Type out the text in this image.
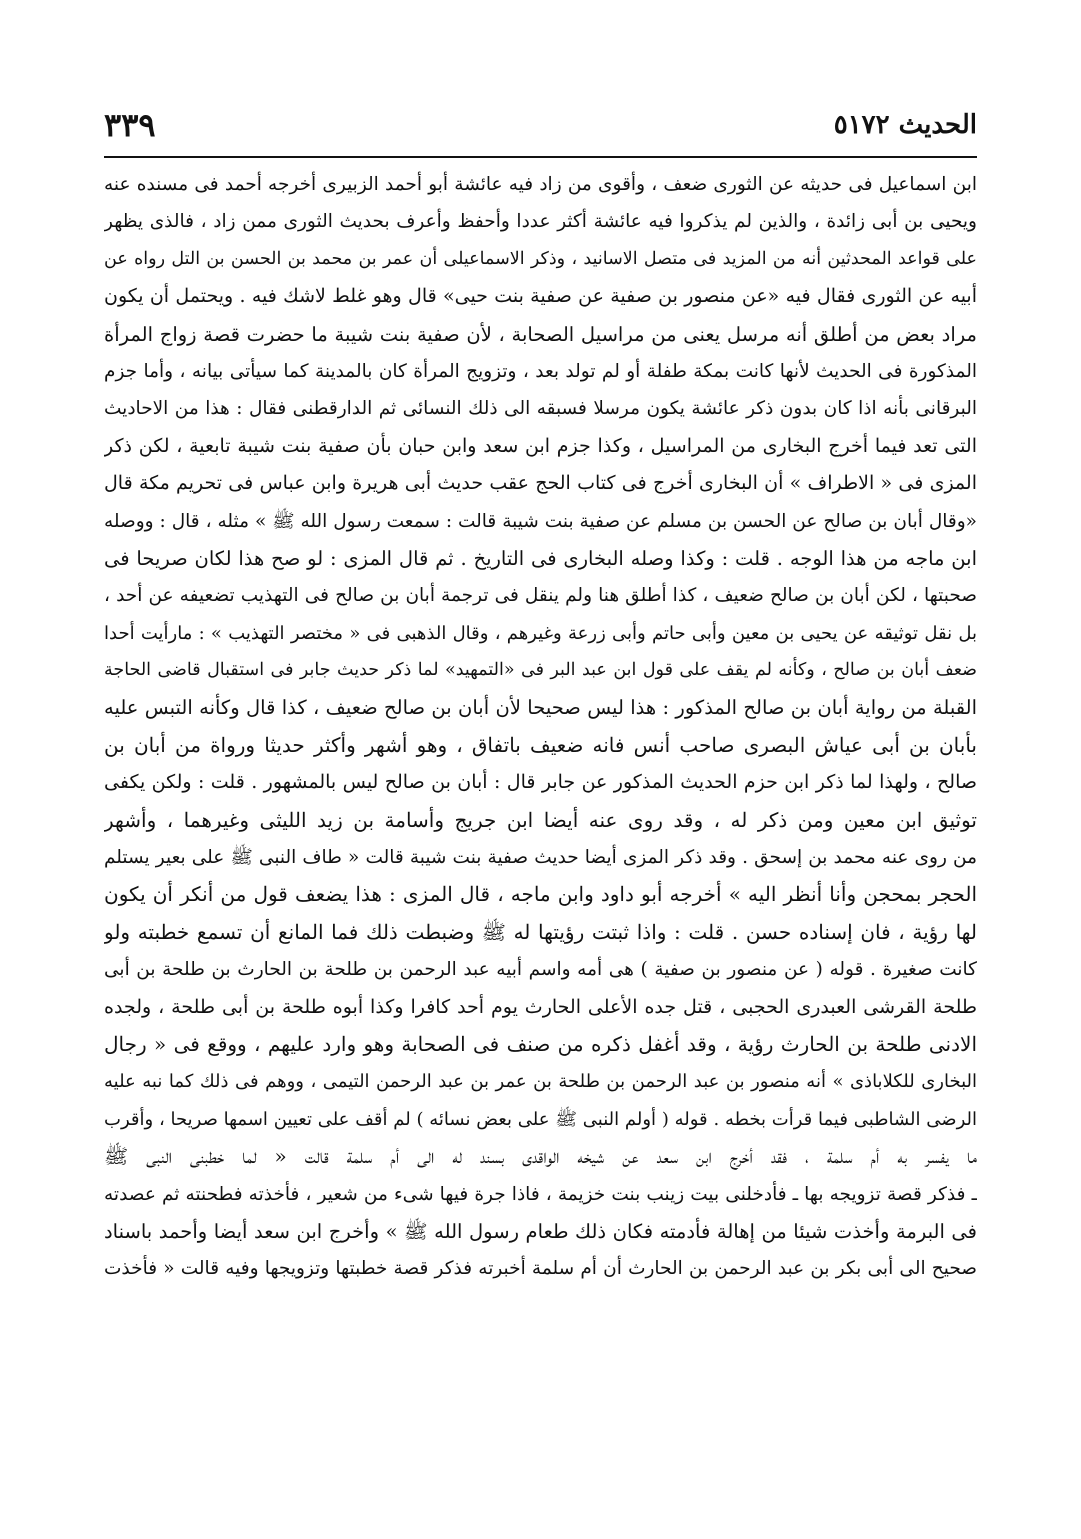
الحديث ٥١٧٢
٣٣٩
ابن اسماعيل فى حديثه عن الثورى ضعف ، وأقوى من زاد فيه عائشة أبو أحمد الزبيرى أخرجه أحمد فى مسنده عنه
ويحيى بن أبى زائدة ، والذين لم يذكروا فيه عائشة أكثر عددا وأحفظ وأعرف بحديث الثورى ممن زاد ، فالذى يظهر
على قواعد المحدثين أنه من المزيد فى متصل الاسانيد ، وذكر الاسماعيلى أن عمر بن محمد بن الحسن بن التل رواه عن
أبيه عن الثورى فقال فيه «عن منصور بن صفية عن صفية بنت حيى» قال وهو غلط لاشك فيه . ويحتمل أن يكون
مراد بعض من أطلق أنه مرسل يعنى من مراسيل الصحابة ، لأن صفية بنت شيبة ما حضرت قصة زواج المرأة
المذكورة فى الحديث لأنها كانت بمكة طفلة أو لم تولد بعد ، وتزويج المرأة كان بالمدينة كما سيأتى بيانه ، وأما جزم
البرقانى بأنه اذا كان بدون ذكر عائشة يكون مرسلا فسبقه الى ذلك النسائى ثم الدارقطنى فقال : هذا من الاحاديث
التى تعد فيما أخرج البخارى من المراسيل ، وكذا جزم ابن سعد وابن حبان بأن صفية بنت شيبة تابعية ، لكن ذكر
المزى فى « الاطراف » أن البخارى أخرج فى كتاب الحج عقب حديث أبى هريرة وابن عباس فى تحريم مكة قال
«وقال أبان بن صالح عن الحسن بن مسلم عن صفية بنت شيبة قالت : سمعت رسول الله ﷺ » مثله ، قال : ووصله
ابن ماجه من هذا الوجه . قلت : وكذا وصله البخارى فى التاريخ . ثم قال المزى : لو صح هذا لكان صريحا فى
صحبتها ، لكن أبان بن صالح ضعيف ، كذا أطلق هنا ولم ينقل فى ترجمة أبان بن صالح فى التهذيب تضعيفه عن أحد ،
بل نقل توثيقه عن يحيى بن معين وأبى حاتم وأبى زرعة وغيرهم ، وقال الذهبى فى « مختصر التهذيب » : مارأيت أحدا
ضعف أبان بن صالح ، وكأنه لم يقف على قول ابن عبد البر فى «التمهيد» لما ذكر حديث جابر فى استقبال قاضى الحاجة
القبلة من رواية أبان بن صالح المذكور : هذا ليس صحيحا لأن أبان بن صالح ضعيف ، كذا قال وكأنه التبس عليه
بأبان بن أبى عياش البصرى صاحب أنس فانه ضعيف باتفاق ، وهو أشهر وأكثر حديثا ورواة من أبان بن
صالح ، ولهذا لما ذكر ابن حزم الحديث المذكور عن جابر قال : أبان بن صالح ليس بالمشهور . قلت : ولكن يكفى
توثيق ابن معين ومن ذكر له ، وقد روى عنه أيضا ابن جريج وأسامة بن زيد الليثى وغيرهما ، وأشهر
من روى عنه محمد بن إسحق . وقد ذكر المزى أيضا حديث صفية بنت شيبة قالت « طاف النبى ﷺ على بعير يستلم
الحجر بمحجن وأنا أنظر اليه » أخرجه أبو داود وابن ماجه ، قال المزى : هذا يضعف قول من أنكر أن يكون
لها رؤية ، فان إسناده حسن . قلت : واذا ثبتت رؤيتها له ﷺ وضبطت ذلك فما المانع أن تسمع خطبته ولو
كانت صغيرة . قوله ( عن منصور بن صفية ) هى أمه واسم أبيه عبد الرحمن بن طلحة بن الحارث بن طلحة بن أبى
طلحة القرشى العبدرى الحجبى ، قتل جده الأعلى الحارث يوم أحد كافرا وكذا أبوه طلحة بن أبى طلحة ، ولجده
الادنى طلحة بن الحارث رؤية ، وقد أغفل ذكره من صنف فى الصحابة وهو وارد عليهم ، ووقع فى « رجال
البخارى للكلاباذى » أنه منصور بن عبد الرحمن بن طلحة بن عمر بن عبد الرحمن التيمى ، ووهم فى ذلك كما نبه عليه
الرضى الشاطبى فيما قرأت بخطه . قوله ( أولم النبى ﷺ على بعض نسائه ) لم أقف على تعيين اسمها صريحا ، وأقرب
ما يفسر به أم سلمة ، فقد أخرج ابن سعد عن شيخه الواقدى بسند له الى أم سلمة قالت « لما خطبنى النبى ﷺ
ـ فذكر قصة تزويجه بها ـ فأدخلنى بيت زينب بنت خزيمة ، فاذا جرة فيها شىء من شعير ، فأخذته فطحنته ثم عصدته
فى البرمة وأخذت شيئا من إهالة فأدمته فكان ذلك طعام رسول الله ﷺ » وأخرج ابن سعد أيضا وأحمد باسناد
صحيح الى أبى بكر بن عبد الرحمن بن الحارث أن أم سلمة أخبرته فذكر قصة خطبتها وتزويجها وفيه قالت « فأخذت
